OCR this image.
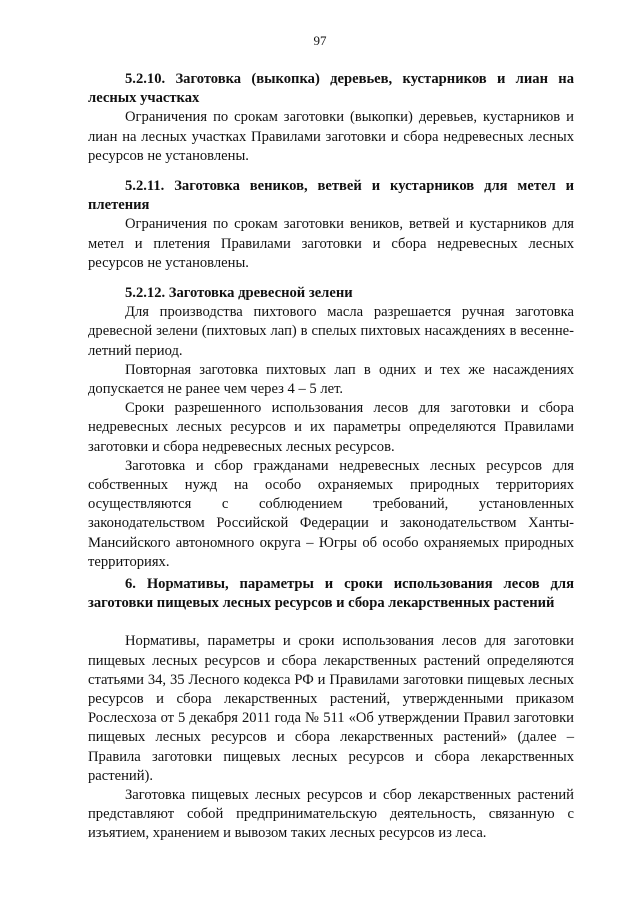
97
5.2.10. Заготовка (выкопка) деревьев, кустарников и лиан на лесных участках

Ограничения по срокам заготовки (выкопки) деревьев, кустарников и лиан на лесных участках Правилами заготовки и сбора недревесных лесных ресурсов не установлены.

5.2.11. Заготовка веников, ветвей и кустарников для метел и плетения

Ограничения по срокам заготовки веников, ветвей и кустарников для метел и плетения Правилами заготовки и сбора недревесных лесных ресурсов не установлены.

5.2.12. Заготовка древесной зелени

Для производства пихтового масла разрешается ручная заготовка древесной зелени (пихтовых лап) в спелых пихтовых насаждениях в весенне-летний период.

Повторная заготовка пихтовых лап в одних и тех же насаждениях допускается не ранее чем через 4 – 5 лет.

Сроки разрешенного использования лесов для заготовки и сбора недревесных лесных ресурсов и их параметры определяются Правилами заготовки и сбора недревесных лесных ресурсов.

Заготовка и сбор гражданами недревесных лесных ресурсов для собственных нужд на особо охраняемых природных территориях осуществляются с соблюдением требований, установленных законодательством Российской Федерации и законодательством Ханты-Мансийского автономного округа – Югры об особо охраняемых природных территориях.

6. Нормативы, параметры и сроки использования лесов для заготовки пищевых лесных ресурсов и сбора лекарственных растений

Нормативы, параметры и сроки использования лесов для заготовки пищевых лесных ресурсов и сбора лекарственных растений определяются статьями 34, 35 Лесного кодекса РФ и Правилами заготовки пищевых лесных ресурсов и сбора лекарственных растений, утвержденными приказом Рослесхоза от 5 декабря 2011 года № 511 «Об утверждении Правил заготовки пищевых лесных ресурсов и сбора лекарственных растений» (далее – Правила заготовки пищевых лесных ресурсов и сбора лекарственных растений).

Заготовка пищевых лесных ресурсов и сбор лекарственных растений представляют собой предпринимательскую деятельность, связанную с изъятием, хранением и вывозом таких лесных ресурсов из леса.
